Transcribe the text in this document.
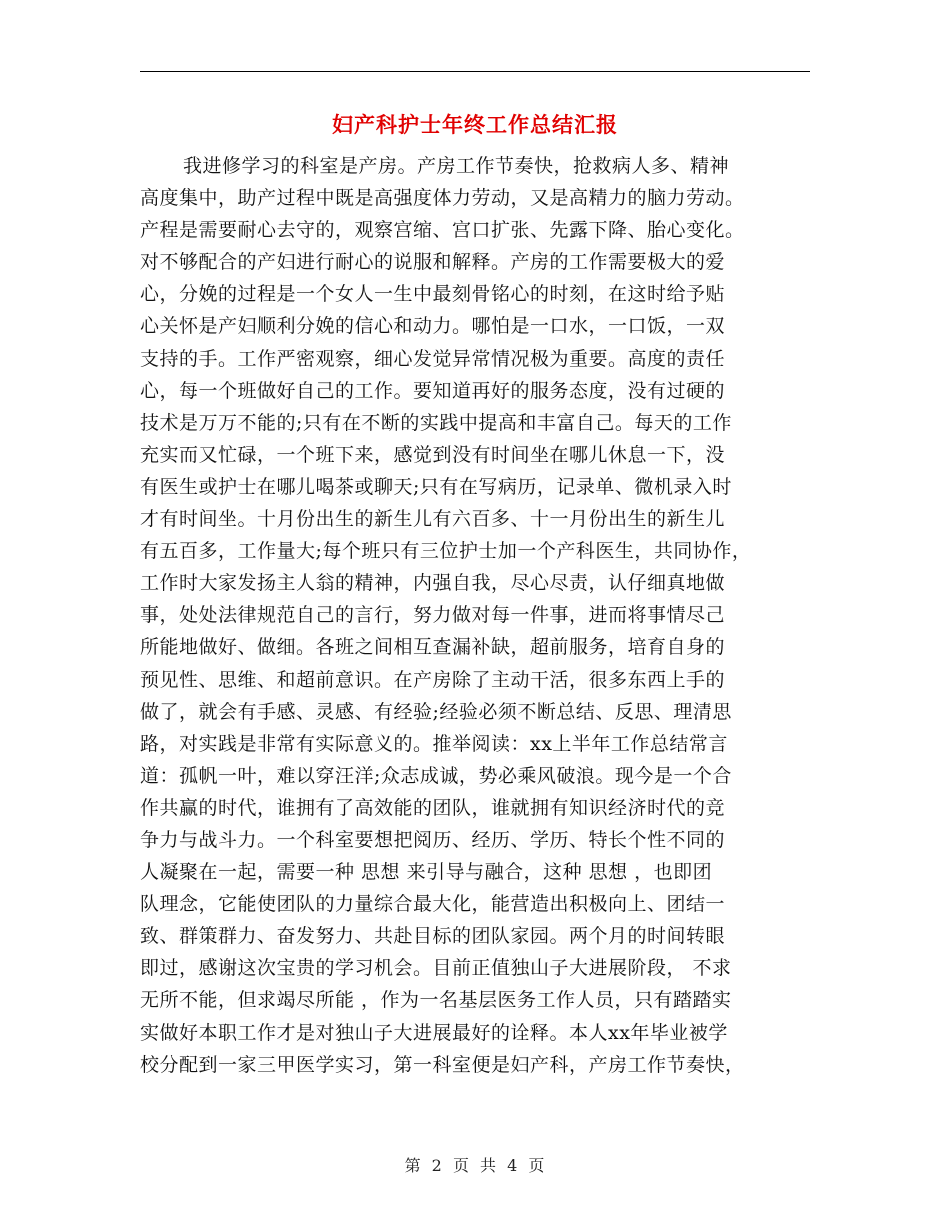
妇产科护士年终工作总结汇报
我进修学习的科室是产房。产房工作节奏快，抢救病人多、精神
高度集中，助产过程中既是高强度体力劳动，又是高精力的脑力劳动。
产程是需要耐心去守的，观察宫缩、宫口扩张、先露下降、胎心变化。
对不够配合的产妇进行耐心的说服和解释。产房的工作需要极大的爱
心，分娩的过程是一个女人一生中最刻骨铭心的时刻，在这时给予贴
心关怀是产妇顺利分娩的信心和动力。哪怕是一口水，一口饭，一双
支持的手。工作严密观察，细心发觉异常情况极为重要。高度的责任
心，每一个班做好自己的工作。要知道再好的服务态度，没有过硬的
技术是万万不能的;只有在不断的实践中提高和丰富自己。每天的工作
充实而又忙碌，一个班下来，感觉到没有时间坐在哪儿休息一下，没
有医生或护士在哪儿喝茶或聊天;只有在写病历，记录单、微机录入时
才有时间坐。十月份出生的新生儿有六百多、十一月份出生的新生儿
有五百多，工作量大;每个班只有三位护士加一个产科医生，共同协作，
工作时大家发扬主人翁的精神，内强自我，尽心尽责，认仔细真地做
事，处处法律规范自己的言行，努力做对每一件事，进而将事情尽己
所能地做好、做细。各班之间相互查漏补缺，超前服务，培育自身的
预见性、思维、和超前意识。在产房除了主动干活，很多东西上手的
做了，就会有手感、灵感、有经验;经验必须不断总结、反思、理清思
路，对实践是非常有实际意义的。推举阅读：xx上半年工作总结常言
道：孤帆一叶，难以穿汪洋;众志成诚，势必乘风破浪。现今是一个合
作共赢的时代，谁拥有了高效能的团队，谁就拥有知识经济时代的竞
争力与战斗力。一个科室要想把阅历、经历、学历、特长个性不同的
人凝聚在一起，需要一种 思想 来引导与融合，这种 思想 ，也即团
队理念，它能使团队的力量综合最大化，能营造出积极向上、团结一
致、群策群力、奋发努力、共赴目标的团队家园。两个月的时间转眼
即过，感谢这次宝贵的学习机会。目前正值独山子大进展阶段， 不求
无所不能，但求竭尽所能 ，作为一名基层医务工作人员，只有踏踏实
实做好本职工作才是对独山子大进展最好的诠释。本人xx年毕业被学
校分配到一家三甲医学实习，第一科室便是妇产科，产房工作节奏快，
第 2 页 共 4 页
